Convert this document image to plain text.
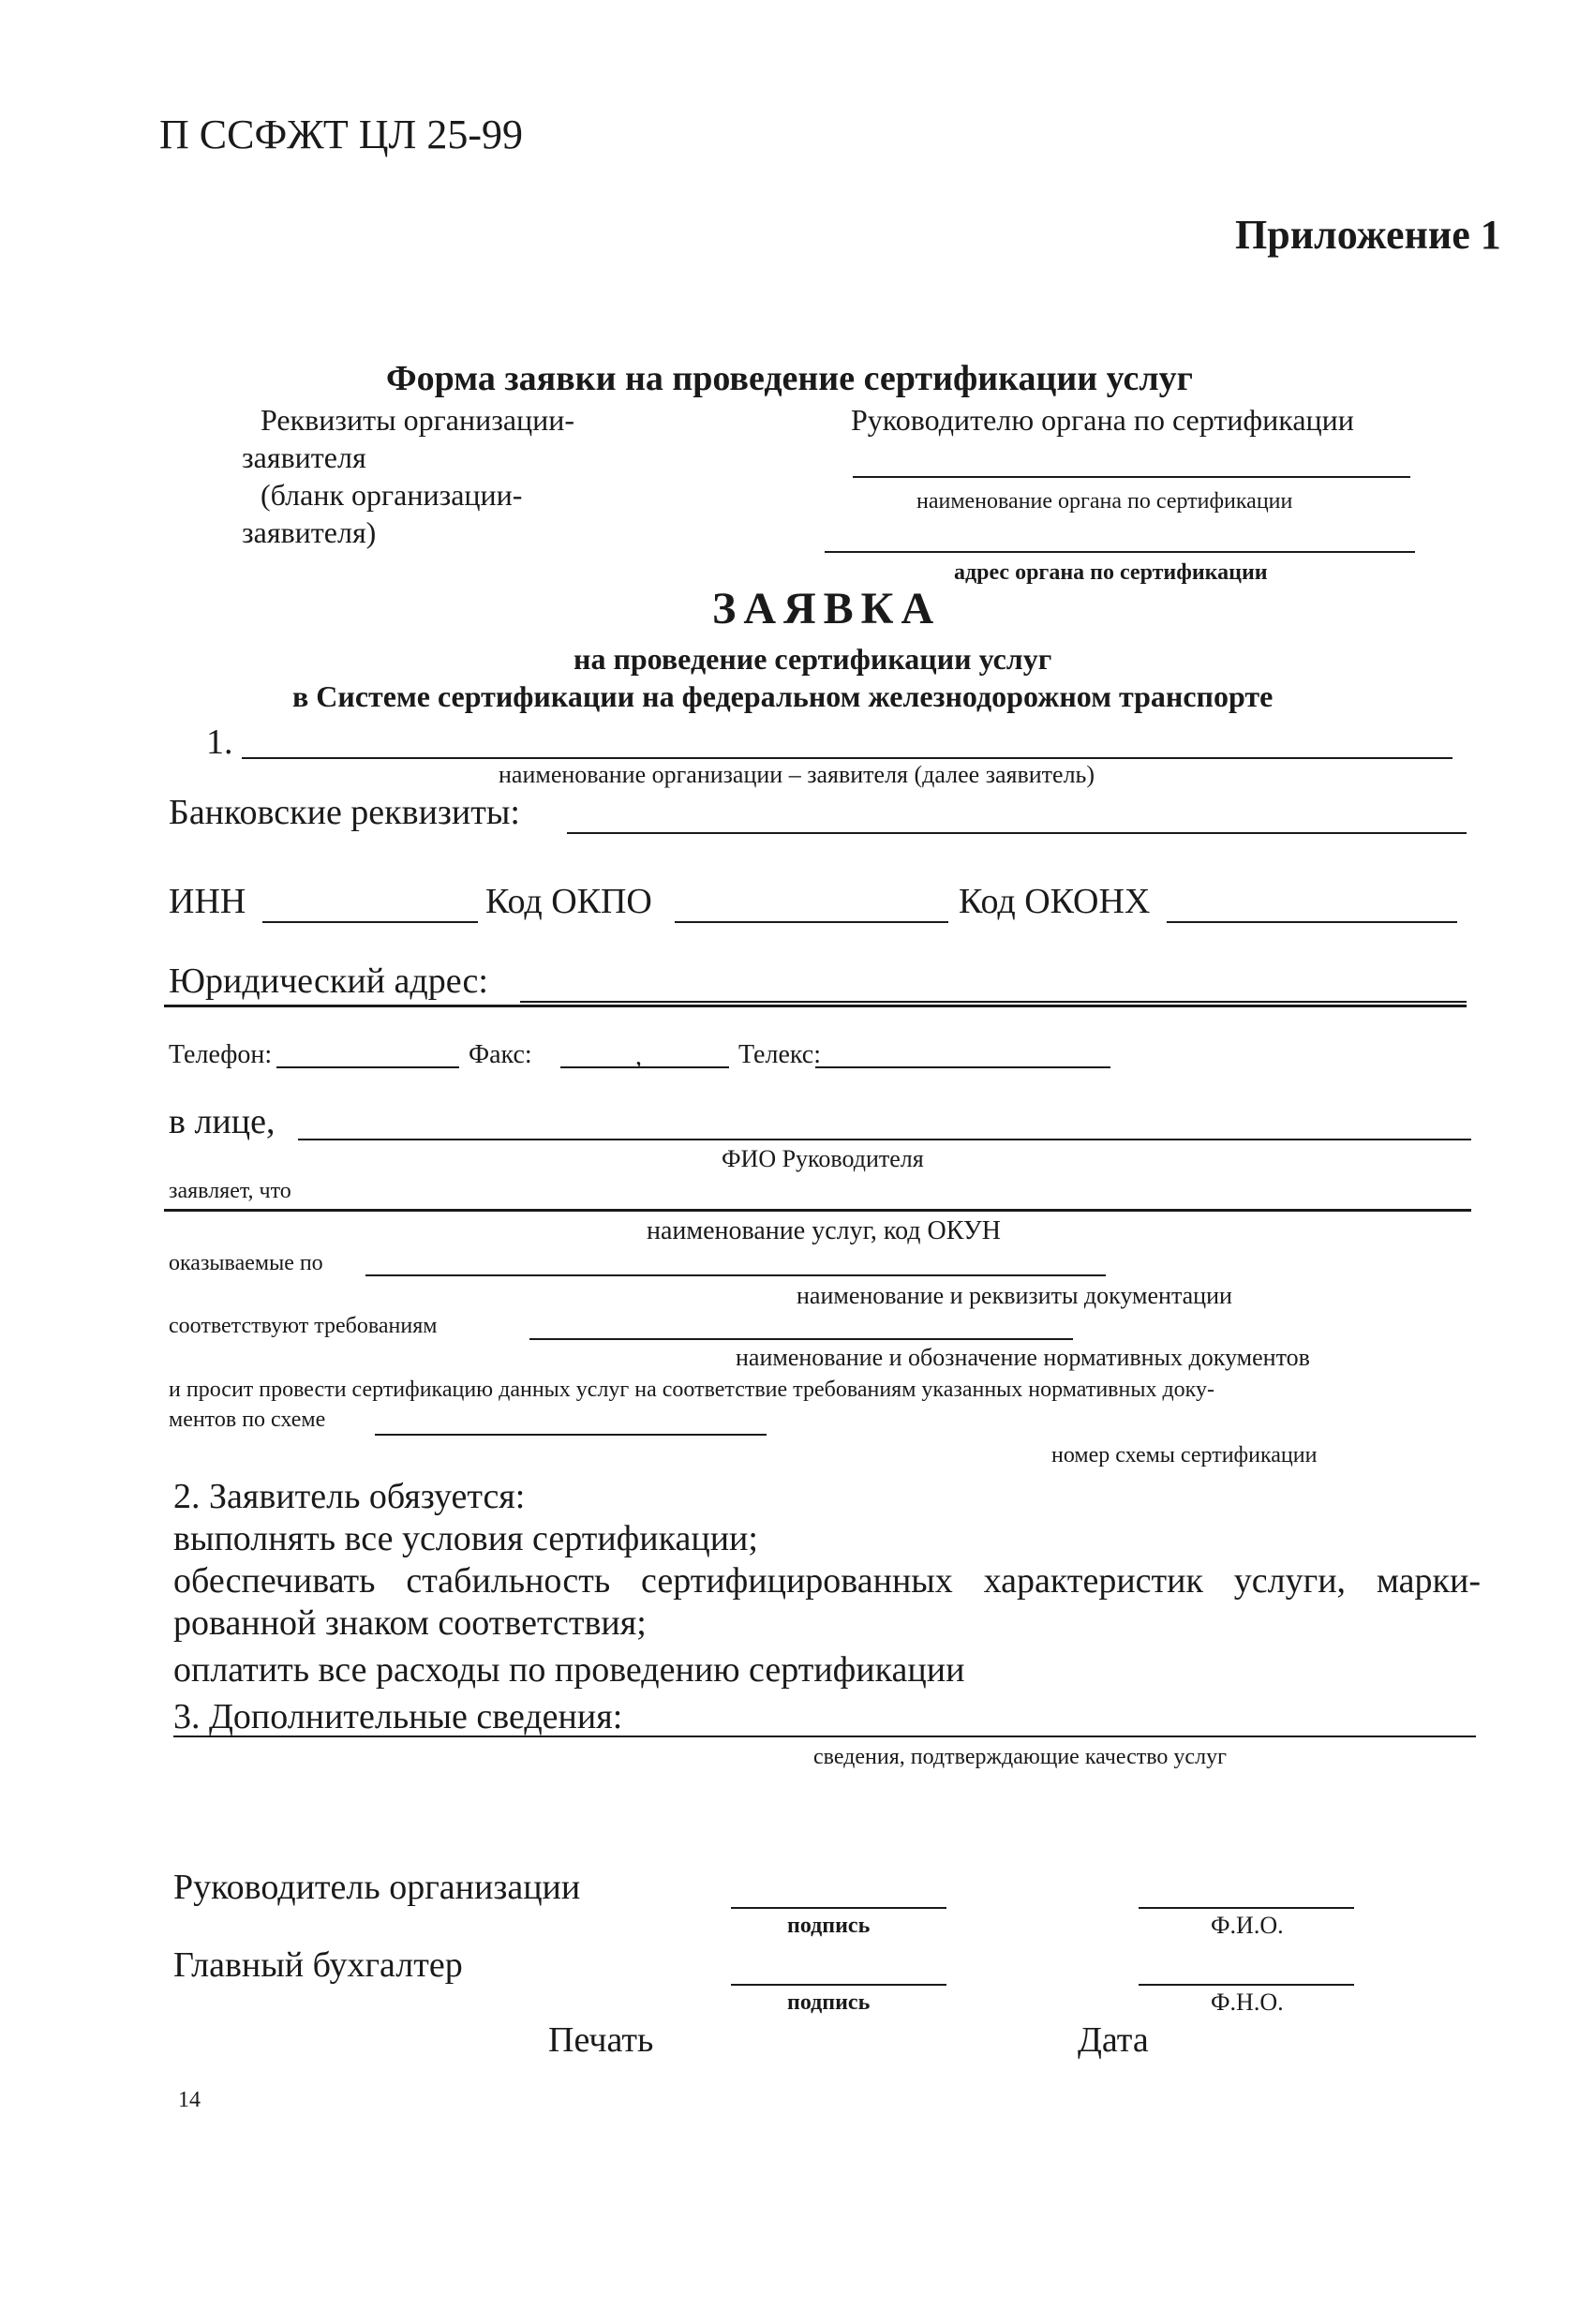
П ССФЖТ ЦЛ 25-99
Приложение 1
Форма заявки на проведение сертификации услуг
Реквизиты организации-
заявителя
(бланк организации-
заявителя)
Руководителю органа по сертификации
наименование органа по сертификации
адрес органа по сертификации
ЗАЯВКА
на проведение сертификации услуг
в Системе сертификации на федеральном железнодорожном транспорте
1.
наименование организации – заявителя (далее заявитель)
Банковские реквизиты:
ИНН	Код ОКПО	Код ОКОНХ
Юридический адрес:
Телефон:	Факс:	,	Телекс:
в лице,
ФИО Руководителя
заявляет, что
наименование услуг, код ОКУН
оказываемые по
наименование и реквизиты документации
соответствуют требованиям
наименование и обозначение нормативных документов
и просит провести сертификацию данных услуг на соответствие требованиям указанных нормативных доку-
ментов по схеме
номер схемы сертификации
2. Заявитель обязуется:
выполнять все условия сертификации;
обеспечивать стабильность сертифицированных характеристик услуги, марки-
рованной знаком соответствия;
оплатить все расходы по проведению сертификации
3. Дополнительные сведения:
сведения, подтверждающие качество услуг
Руководитель организации
подпись	Ф.И.О.
Главный бухгалтер
подпись	Ф.Н.О.
Печать	Дата
14
